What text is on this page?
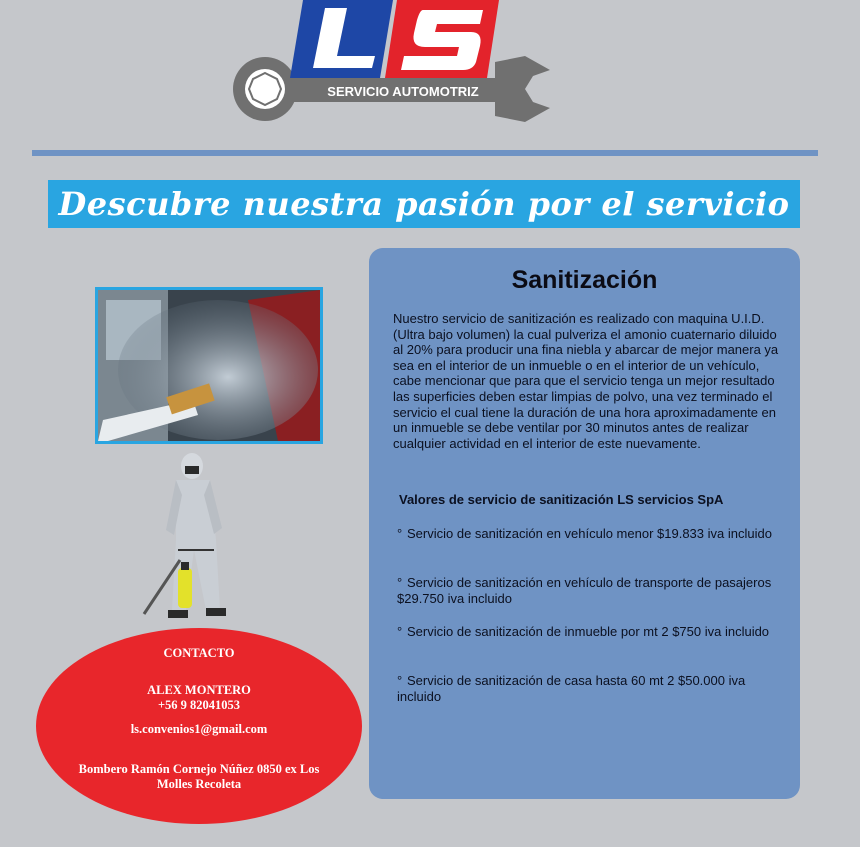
SERVICIO AUTOMOTRIZ
Descubre nuestra pasión por el servicio
CONTACTO
ALEX MONTERO
+56 9 82041053
ls.convenios1@gmail.com
Bombero Ramón Cornejo Núñez 0850 ex Los
Molles Recoleta
Sanitización

Nuestro servicio de sanitización es realizado con maquina U.I.D. (Ultra bajo volumen) la cual pulveriza el amonio cuaternario diluido al 20% para producir una fina niebla y abarcar de mejor manera ya sea en el interior de un inmueble o en el interior de un vehículo, cabe mencionar que para que el servicio tenga un mejor resultado las superficies deben estar limpias de polvo, una vez terminado el servicio el cual tiene la duración de una hora aproximadamente en un inmueble se debe ventilar por 30 minutos antes de realizar cualquier actividad en el interior de este nuevamente.

Valores de servicio de sanitización LS servicios SpA
° Servicio de sanitización en vehículo menor $19.833 iva incluido
° Servicio de sanitización en vehículo de transporte de pasajeros $29.750 iva incluido
° Servicio de sanitización de inmueble por mt 2 $750 iva incluido
° Servicio de sanitización de casa hasta 60 mt 2 $50.000 iva incluido
